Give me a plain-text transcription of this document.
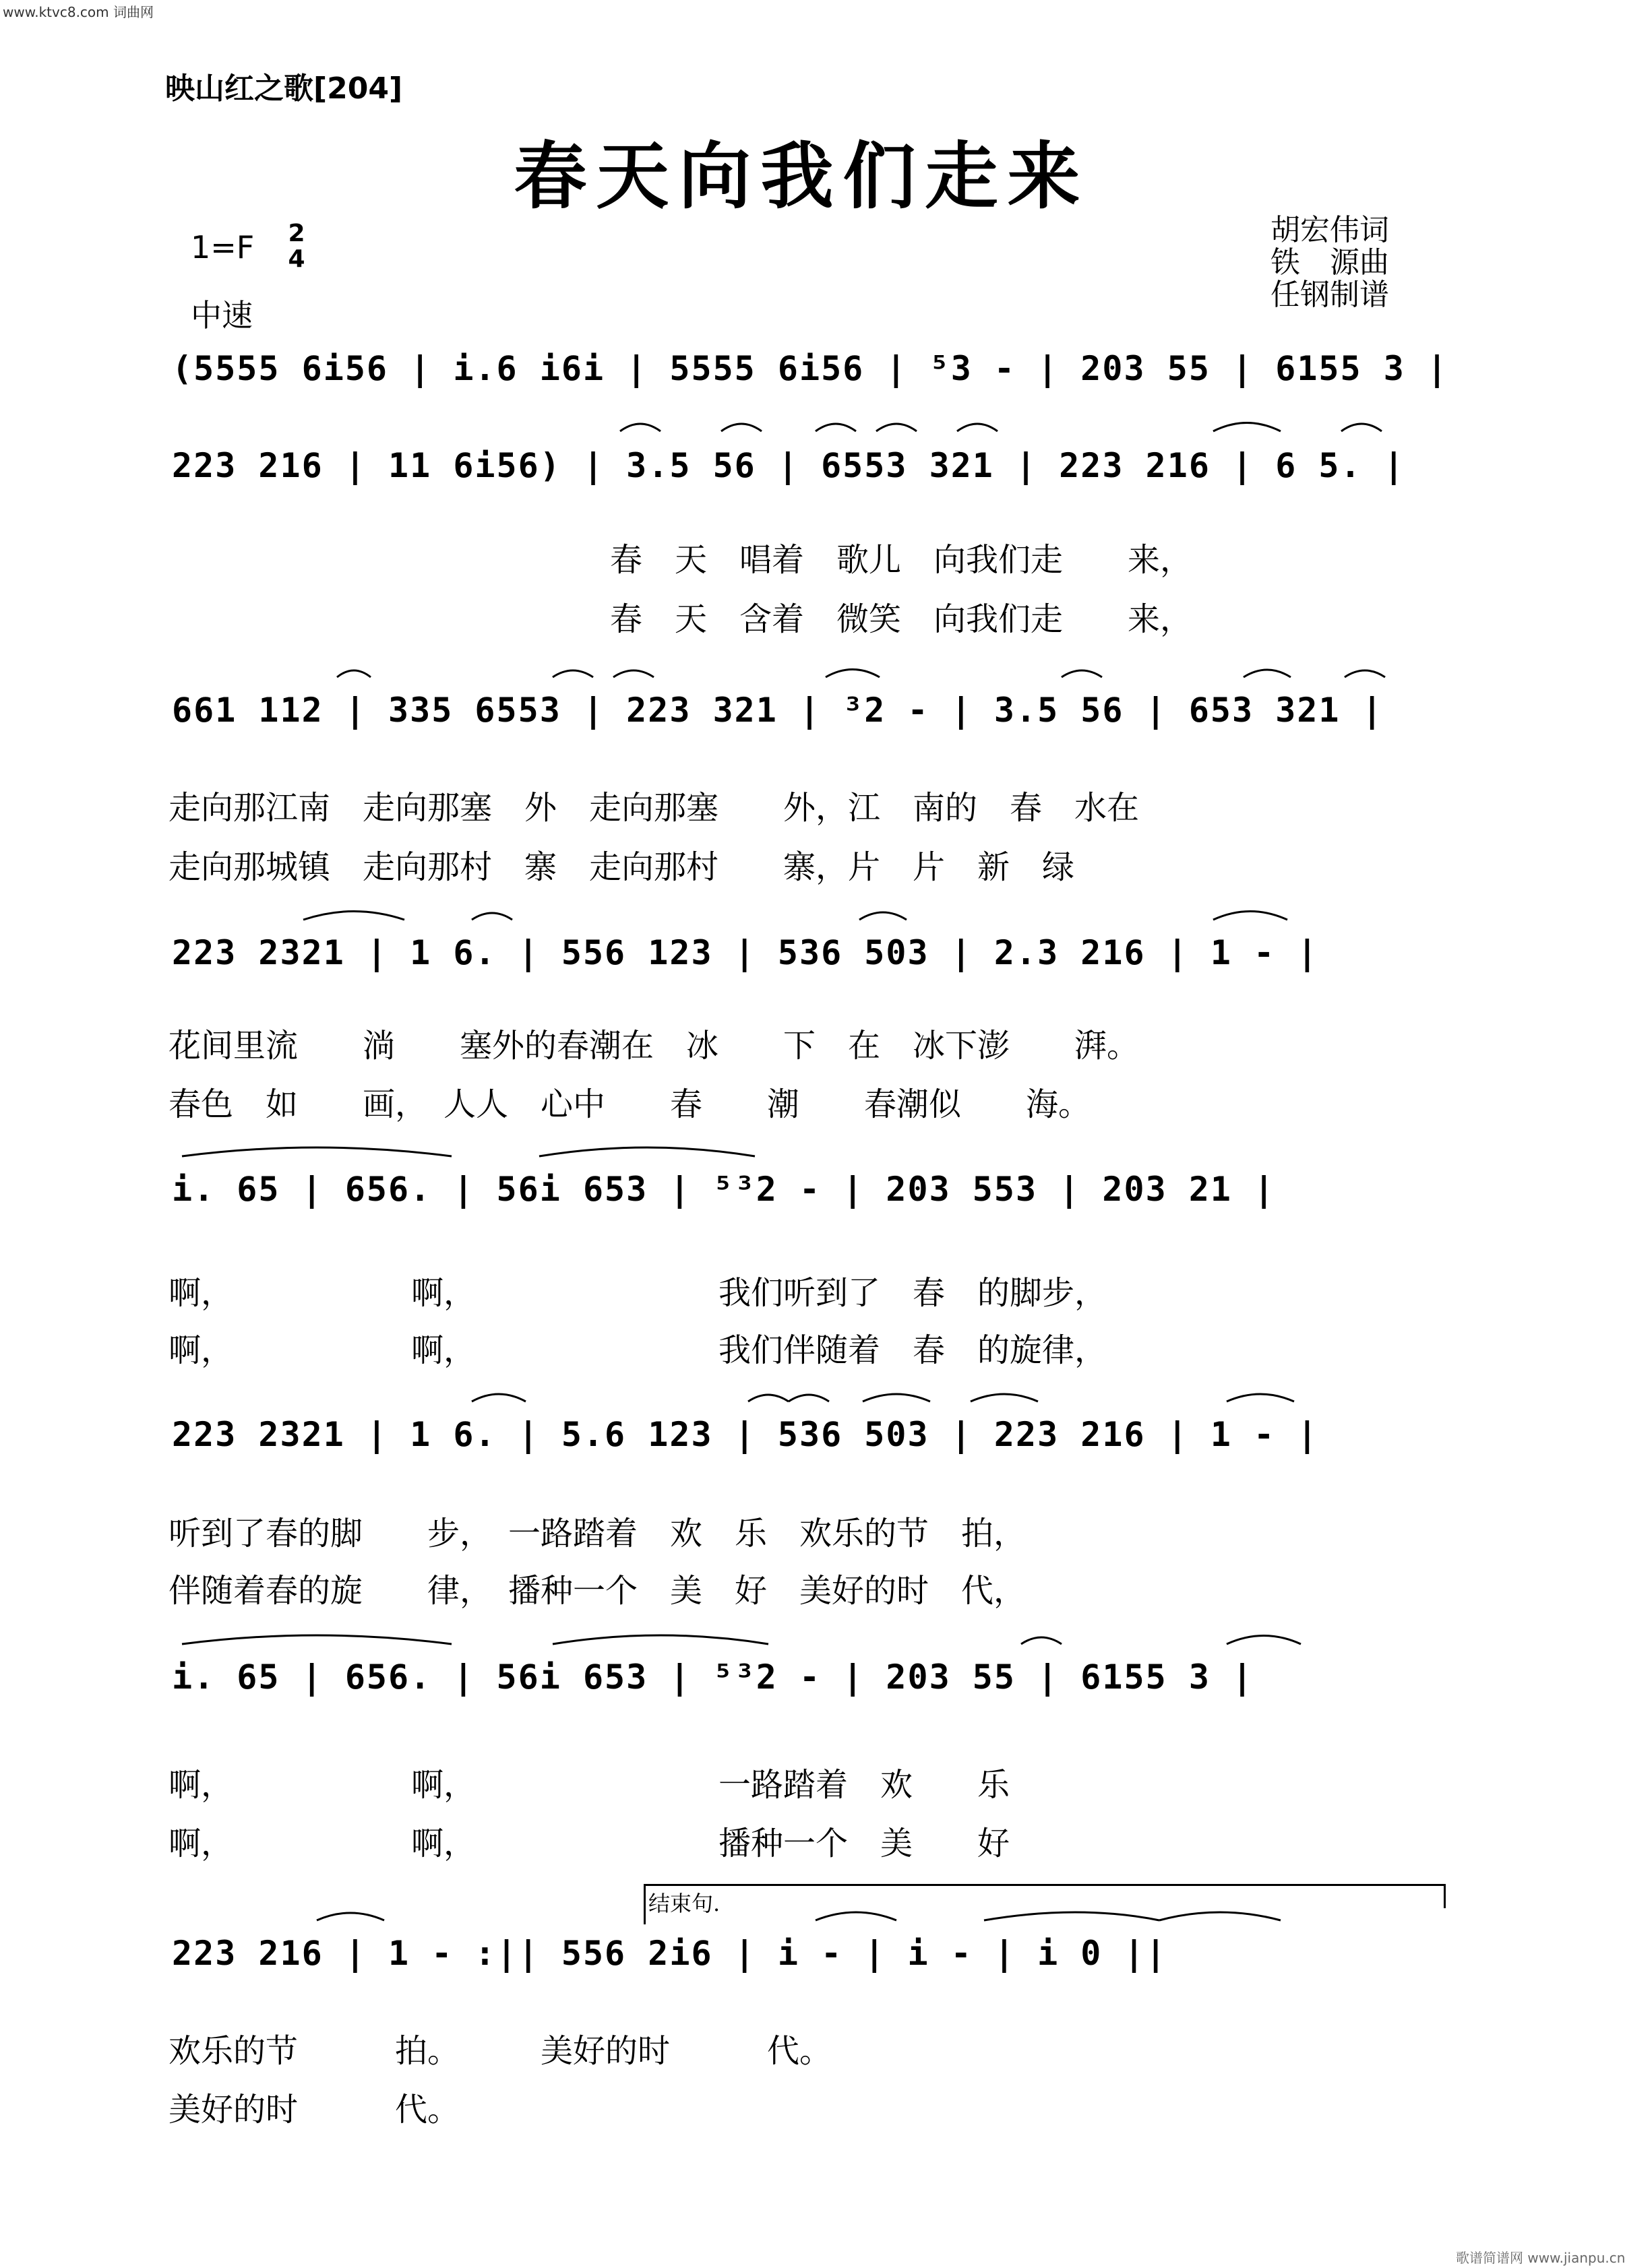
www.ktvc8.com 词曲网
映山红之歌[204]
春天向我们走来
1=F 2
4
中速
胡宏伟词
铁　源曲
任钢制谱
(5555 6i56 | i.6 i6i | 5555 6i56 | ⁵3 - | 203 55 | 6155 3 |
223 216 | 11 6i56) | 3.5 56 | 6553 321 | 223 216 | 6 5. |
春　天　唱着　歌儿　向我们走　　来，
春　天　含着　微笑　向我们走　　来，
661 112 | 335 6553 | 223 321 | ³2 - | 3.5 56 | 653 321 |
走向那江南　走向那塞　外　走向那塞　　外，江　南的　春　水在
走向那城镇　走向那村　寨　走向那村　　寨，片　片　新　绿
223 2321 | 1 6. | 556 123 | 536 503 | 2.3 216 | 1 - |
花间里流　　淌　　塞外的春潮在　冰　　下　在　冰下澎　　湃。
春色　如　　画，　人人　心中　　春　　潮　　春潮似　　海。
i. 65 | 656. | 56i 653 | ⁵³2 - | 203 553 | 203 21 |
啊，　　　　　　啊，　　　　　　　　我们听到了　春　的脚步，
啊，　　　　　　啊，　　　　　　　　我们伴随着　春　的旋律，
223 2321 | 1 6. | 5.6 123 | 536 503 | 223 216 | 1 - |
听到了春的脚　　步，　一路踏着　欢　乐　欢乐的节　拍，
伴随着春的旋　　律，　播种一个　美　好　美好的时　代，
i. 65 | 656. | 56i 653 | ⁵³2 - | 203 55 | 6155 3 |
啊，　　　　　　啊，　　　　　　　　一路踏着　欢　　乐
啊，　　　　　　啊，　　　　　　　　播种一个　美　　好
结束句.
223 216 | 1 - :|| 556 2i6 | i - | i - | i 0 ||
欢乐的节　　　拍。　　　美好的时　　　代。
美好的时　　　代。
歌谱简谱网 www.jianpu.cn
